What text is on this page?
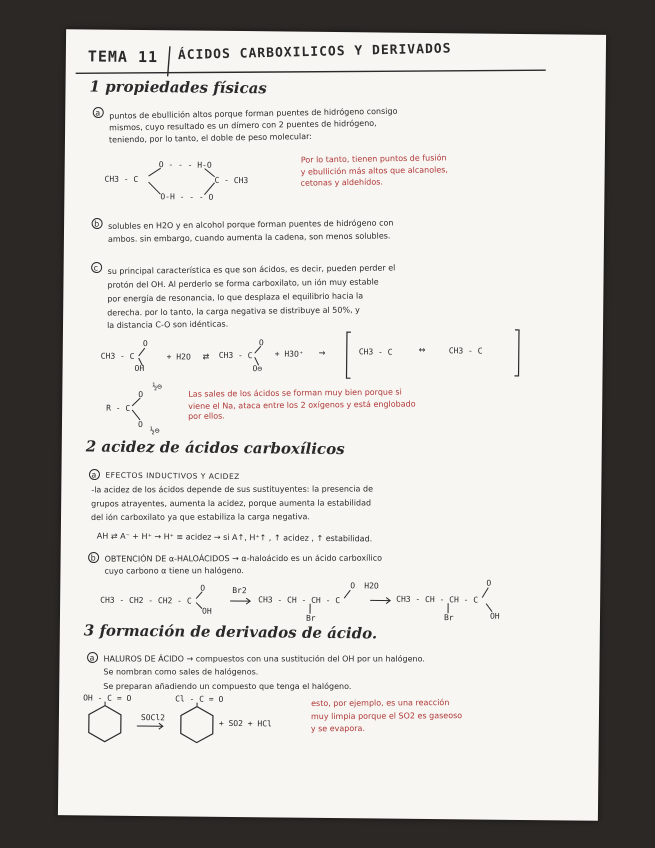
TEMA 11 ÁCIDOS CARBOXILICOS Y DERIVADOS
1 propiedades físicas
a puntos de ebullición altos porque forman puentes de hidrógeno consigo
mismos, cuyo resultado es un dímero con 2 puentes de hidrógeno,
teniendo, por lo tanto, el doble de peso molecular:
O - - - H-O
CH3 - C	C - CH3
O-H - - - O
Por lo tanto, tienen puntos de fusión
y ebullición más altos que alcanoles,
cetonas y aldehídos.
b solubles en H2O y en alcohol porque forman puentes de hidrógeno con
ambos. sin embargo, cuando aumenta la cadena, son menos solubles.
c su principal característica es que son ácidos, es decir, pueden perder el
protón del OH. Al perderlo se forma carboxilato, un ión muy estable
por energía de resonancia, lo que desplaza el equilibrio hacia la
derecha. por lo tanto, la carga negativa se distribuye al 50%, y
la distancia C-O son idénticas.
CH3 - C
O
OH
+ H2O ⇄ CH3 - C
O
O⊖
+ H3O⁺ →	CH3 - C ↔	CH3 - C
R - C
O
O
½⊖
½⊖
Las sales de los ácidos se forman muy bien porque si
viene el Na, ataca entre los 2 oxígenos y está englobado
por ellos.
2 acidez de ácidos carboxílicos
a EFECTOS INDUCTIVOS Y ACIDEZ
-la acidez de los ácidos depende de sus sustituyentes: la presencia de
grupos atrayentes, aumenta la acidez, porque aumenta la estabilidad
del ión carboxilato ya que estabiliza la carga negativa.
AH ⇄ A⁻ + H⁺ → H⁺ ≡ acidez → si A↑, H⁺↑ , ↑ acidez , ↑ estabilidad.
b OBTENCIÓN DE α-HALOÁCIDOS → α-haloácido es un ácido carboxílico
cuyo carbono α tiene un halógeno.
CH3 - CH2 - CH2 - C
O
OH
Br2
CH3 - CH - CH - C
O H2O
Br
CH3 - CH - CH - C
O
Br	OH
3 formación de derivados de ácido.
a HALUROS DE ÁCIDO → compuestos con una sustitución del OH por un halógeno.
Se nombran como sales de halógenos.
Se preparan añadiendo un compuesto que tenga el halógeno.
OH - C = O
SOCl2
Cl - C = O
+ SO2 + HCl
esto, por ejemplo, es una reacción
muy limpia porque el SO2 es gaseoso
y se evapora.
